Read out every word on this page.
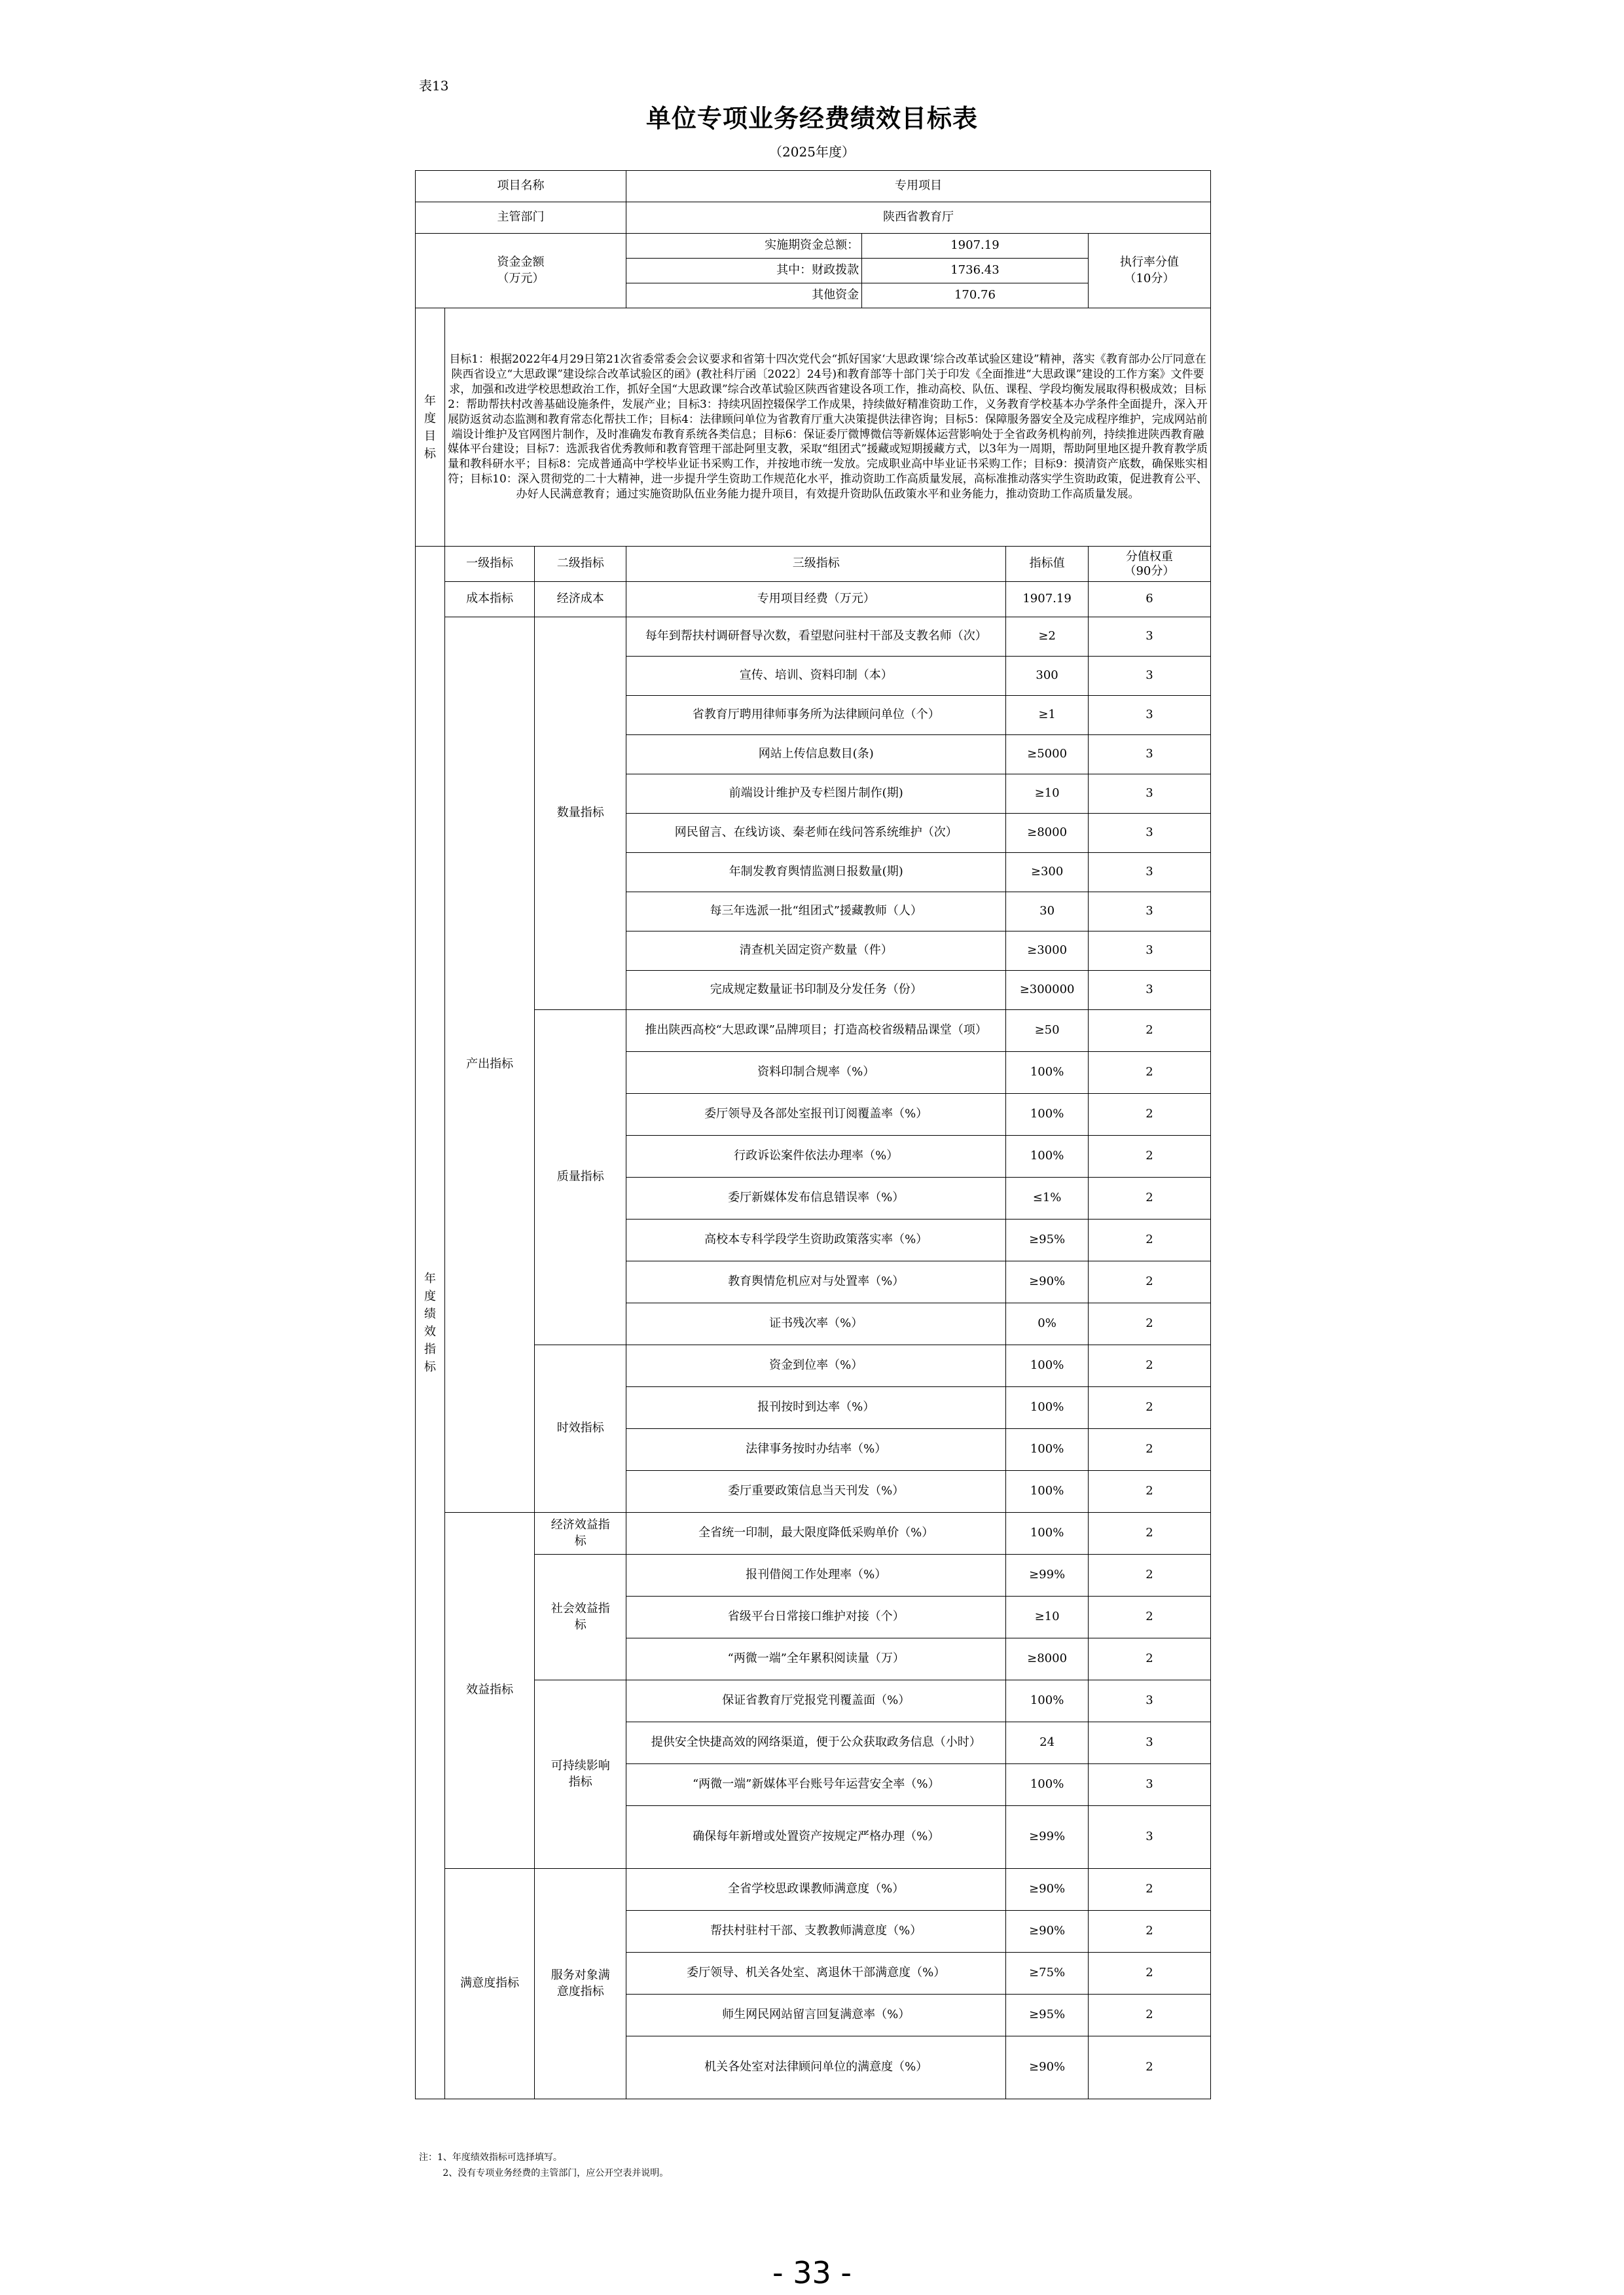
表13
单位专项业务经费绩效目标表
（2025年度）
项目名称			专用项目			
主管部门			陕西省教育厅			
资金金额（万元）			实施期资金总额：	1907.19		执行率分值（10分）
			其中：财政拨款	1736.43		
			其他资金	170.76		

年度目标	目标1：根据2022年4月29日第21次省委常委会会议要求和省第十四次党代会“抓好国家‘大思政课’综合改革试验区建设”精神，落实《教育部办公厅同意在陕西省设立“大思政课”建设综合改革试验区的函》(教社科厅函〔2022〕24号)和教育部等十部门关于印发《全面推进“大思政课”建设的工作方案》文件要求，加强和改进学校思想政治工作，抓好全国“大思政课”综合改革试验区陕西省建设各项工作，推动高校、队伍、课程、学段均衡发展取得积极成效；目标2：帮助帮扶村改善基础设施条件，发展产业；目标3：持续巩固控辍保学工作成果，持续做好精准资助工作，义务教育学校基本办学条件全面提升，深入开展防返贫动态监测和教育常态化帮扶工作；目标4：法律顾问单位为省教育厅重大决策提供法律咨询；目标5：保障服务器安全及完成程序维护，完成网站前端设计维护及官网图片制作，及时准确发布教育系统各类信息；目标6：保证委厅微博微信等新媒体运营影响处于全省政务机构前列，持续推进陕西教育融媒体平台建设；目标7：选派我省优秀教师和教育管理干部赴阿里支教，采取“组团式”援藏或短期援藏方式，以3年为一周期，帮助阿里地区提升教育教学质量和教科研水平；目标8：完成普通高中学校毕业证书采购工作，并按地市统一发放。完成职业高中毕业证书采购工作；目标9：摸清资产底数，确保账实相符；目标10：深入贯彻党的二十大精神，进一步提升学生资助工作规范化水平，推动资助工作高质量发展，高标准推动落实学生资助政策，促进教育公平、办好人民满意教育；通过实施资助队伍业务能力提升项目，有效提升资助队伍政策水平和业务能力，推动资助工作高质量发展。					

年度绩效指标	一级指标	二级指标	三级指标		指标值	分值权重（90分）
	成本指标	经济成本	专用项目经费（万元）		1907.19	6
	产出指标	数量指标	每年到帮扶村调研督导次数，看望慰问驻村干部及支教名师（次）		≥2	3
			宣传、培训、资料印制（本）		300	3
			省教育厅聘用律师事务所为法律顾问单位（个）		≥1	3
			网站上传信息数目(条)		≥5000	3
			前端设计维护及专栏图片制作(期)		≥10	3
			网民留言、在线访谈、秦老师在线问答系统维护（次）		≥8000	3
			年制发教育舆情监测日报数量(期)		≥300	3
			每三年选派一批“组团式”援藏教师（人）		30	3
			清查机关固定资产数量（件）		≥3000	3
			完成规定数量证书印制及分发任务（份）		≥300000	3
		质量指标	推出陕西高校“大思政课”品牌项目；打造高校省级精品课堂（项）		≥50	2
			资料印制合规率（%）		100%	2
			委厅领导及各部处室报刊订阅覆盖率（%）		100%	2
			行政诉讼案件依法办理率（%）		100%	2
			委厅新媒体发布信息错误率（%）		≤1%	2
			高校本专科学段学生资助政策落实率（%）		≥95%	2
			教育舆情危机应对与处置率（%）		≥90%	2
			证书残次率（%）		0%	2
		时效指标	资金到位率（%）		100%	2
			报刊按时到达率（%）		100%	2
			法律事务按时办结率（%）		100%	2
			委厅重要政策信息当天刊发（%）		100%	2
	效益指标	经济效益指标	全省统一印制，最大限度降低采购单价（%）		100%	2
		社会效益指标	报刊借阅工作处理率（%）		≥99%	2
			省级平台日常接口维护对接（个）		≥10	2
			“两微一端”全年累积阅读量（万）		≥8000	2
		可持续影响指标	保证省教育厅党报党刊覆盖面（%）		100%	3
			提供安全快捷高效的网络渠道，便于公众获取政务信息（小时）		24	3
			“两微一端”新媒体平台账号年运营安全率（%）		100%	3
			确保每年新增或处置资产按规定严格办理（%）		≥99%	3
	满意度指标	服务对象满意度指标	全省学校思政课教师满意度（%）		≥90%	2
			帮扶村驻村干部、支教教师满意度（%）		≥90%	2
			委厅领导、机关各处室、离退休干部满意度（%）		≥75%	2
			师生网民网站留言回复满意率（%）		≥95%	2
			机关各处室对法律顾问单位的满意度（%）		≥90%	2
注：1、年度绩效指标可选择填写。
2、没有专项业务经费的主管部门，应公开空表并说明。
- 33 -
